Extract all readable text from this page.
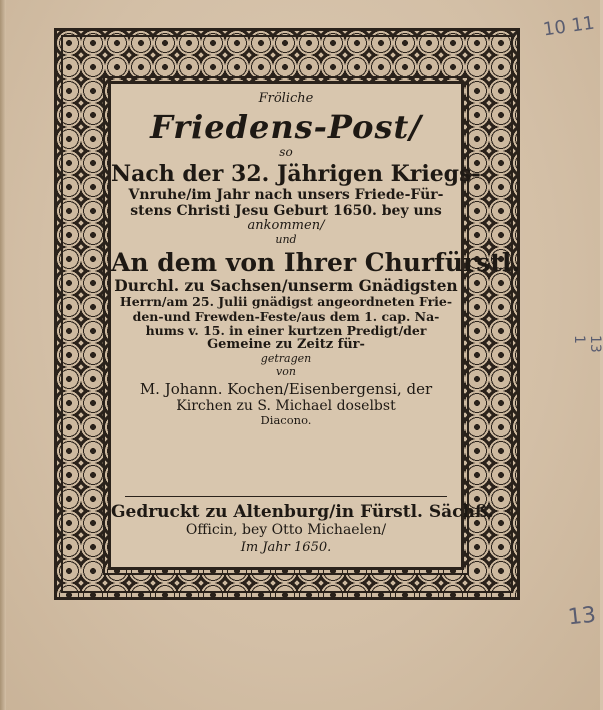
Fröliche
Friedens-Post/
so
Nach der 32. Jährigen Kriegs-
Vnruhe/im Jahr nach unsers Friede-Für-
stens Christi Jesu Geburt 1650. bey uns
ankommen/
und
An dem von Ihrer Churfürstl.
Durchl. zu Sachsen/unserm Gnädigsten
Herrn/am 25. Julii gnädigst angeordneten Frie-
den-und Frewden-Feste/aus dem 1. cap. Na-
hums v. 15. in einer kurtzen Predigt/der
Gemeine zu Zeitz für-
getragen
von
M. Johann. Kochen/Eisenbergensi, der
Kirchen zu S. Michael doselbst
Diacono.
Gedruckt zu Altenburg/in Fürstl. Sächß.
Officin, bey Otto Michaelen/
Im Jahr 1650.
10 11
13 1
13
